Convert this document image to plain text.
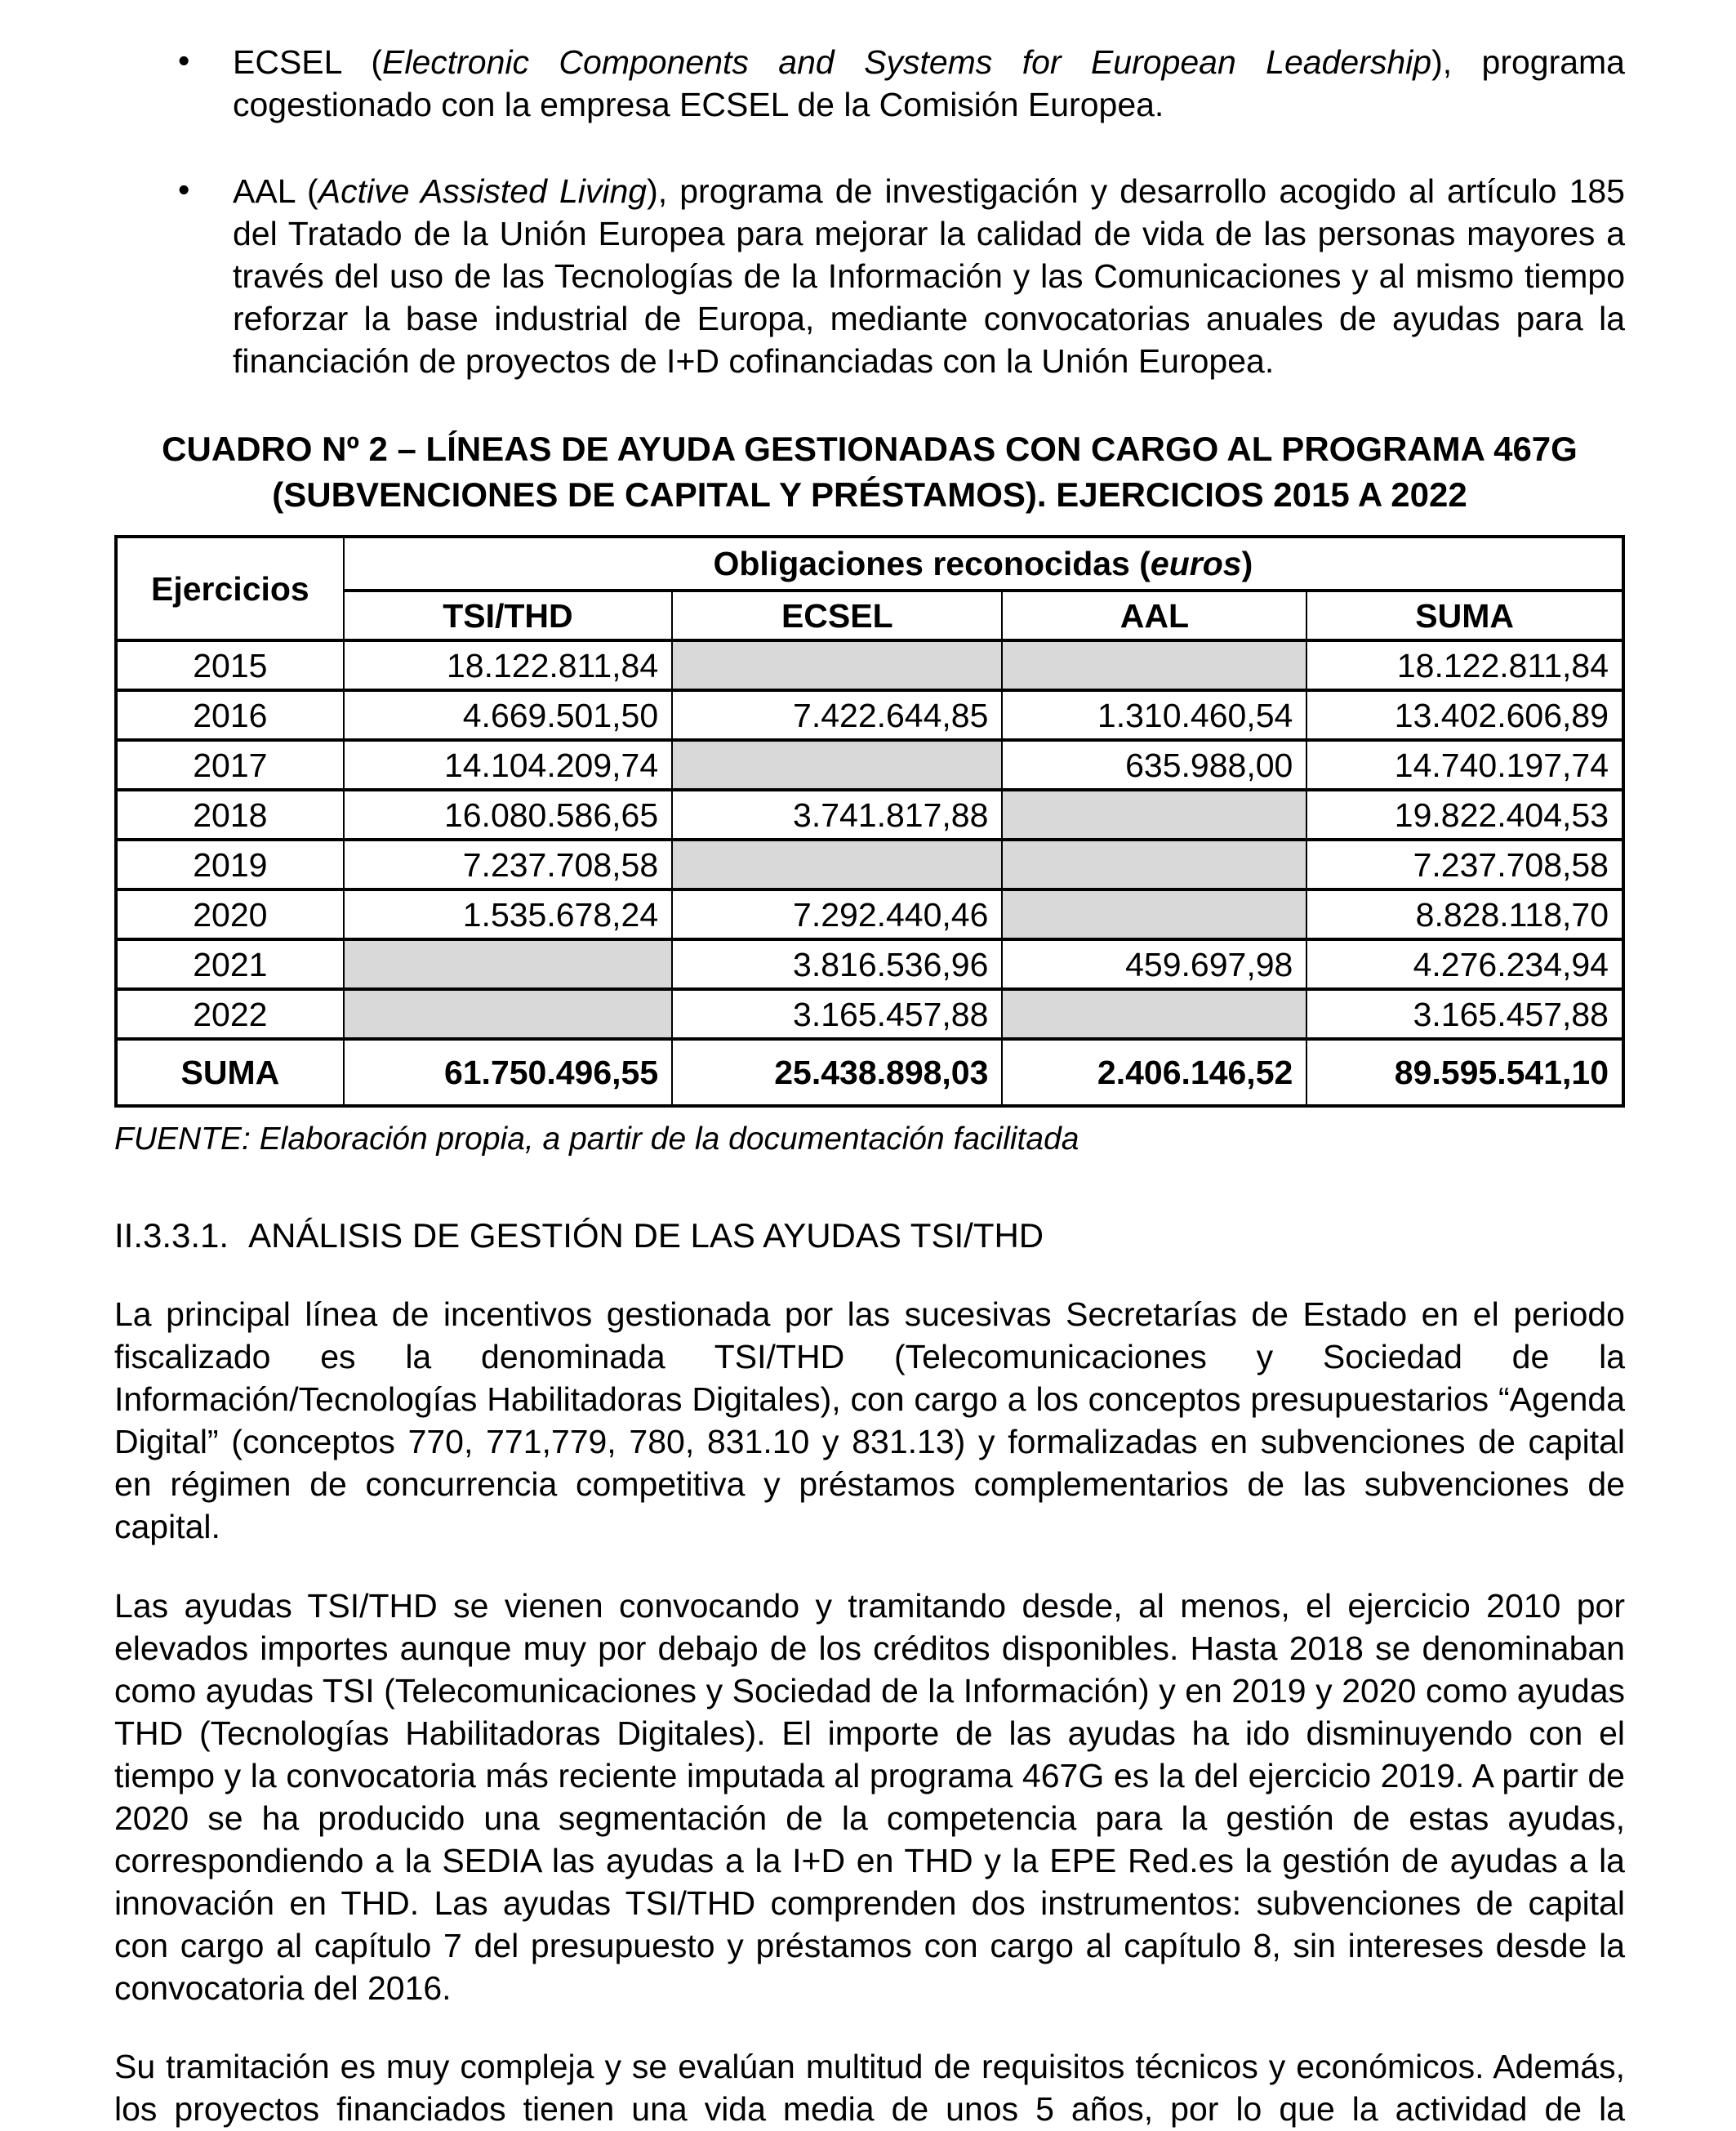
• ECSEL (Electronic Components and Systems for European Leadership), programa cogestionado con la empresa ECSEL de la Comisión Europea.
• AAL (Active Assisted Living), programa de investigación y desarrollo acogido al artículo 185 del Tratado de la Unión Europea para mejorar la calidad de vida de las personas mayores a través del uso de las Tecnologías de la Información y las Comunicaciones y al mismo tiempo reforzar la base industrial de Europa, mediante convocatorias anuales de ayudas para la financiación de proyectos de I+D cofinanciadas con la Unión Europea.
CUADRO Nº 2 – LÍNEAS DE AYUDA GESTIONADAS CON CARGO AL PROGRAMA 467G
(SUBVENCIONES DE CAPITAL Y PRÉSTAMOS). EJERCICIOS 2015 A 2022
Ejercicios	Obligaciones reconocidas (euros)			
	TSI/THD	ECSEL	AAL	SUMA
2015	18.122.811,84			18.122.811,84
2016	4.669.501,50	7.422.644,85	1.310.460,54	13.402.606,89
2017	14.104.209,74		635.988,00	14.740.197,74
2018	16.080.586,65	3.741.817,88		19.822.404,53
2019	7.237.708,58			7.237.708,58
2020	1.535.678,24	7.292.440,46		8.828.118,70
2021		3.816.536,96	459.697,98	4.276.234,94
2022		3.165.457,88		3.165.457,88
SUMA	61.750.496,55	25.438.898,03	2.406.146,52	89.595.541,10

FUENTE: Elaboración propia, a partir de la documentación facilitada

II.3.3.1. ANÁLISIS DE GESTIÓN DE LAS AYUDAS TSI/THD

La principal línea de incentivos gestionada por las sucesivas Secretarías de Estado en el periodo fiscalizado es la denominada TSI/THD (Telecomunicaciones y Sociedad de la Información/Tecnologías Habilitadoras Digitales), con cargo a los conceptos presupuestarios “Agenda Digital” (conceptos 770, 771,779, 780, 831.10 y 831.13) y formalizadas en subvenciones de capital en régimen de concurrencia competitiva y préstamos complementarios de las subvenciones de capital.

Las ayudas TSI/THD se vienen convocando y tramitando desde, al menos, el ejercicio 2010 por elevados importes aunque muy por debajo de los créditos disponibles. Hasta 2018 se denominaban como ayudas TSI (Telecomunicaciones y Sociedad de la Información) y en 2019 y 2020 como ayudas THD (Tecnologías Habilitadoras Digitales). El importe de las ayudas ha ido disminuyendo con el tiempo y la convocatoria más reciente imputada al programa 467G es la del ejercicio 2019. A partir de 2020 se ha producido una segmentación de la competencia para la gestión de estas ayudas, correspondiendo a la SEDIA las ayudas a la I+D en THD y la EPE Red.es la gestión de ayudas a la innovación en THD. Las ayudas TSI/THD comprenden dos instrumentos: subvenciones de capital con cargo al capítulo 7 del presupuesto y préstamos con cargo al capítulo 8, sin intereses desde la convocatoria del 2016.

Su tramitación es muy compleja y se evalúan multitud de requisitos técnicos y económicos. Además, los proyectos financiados tienen una vida media de unos 5 años, por lo que la actividad de la
